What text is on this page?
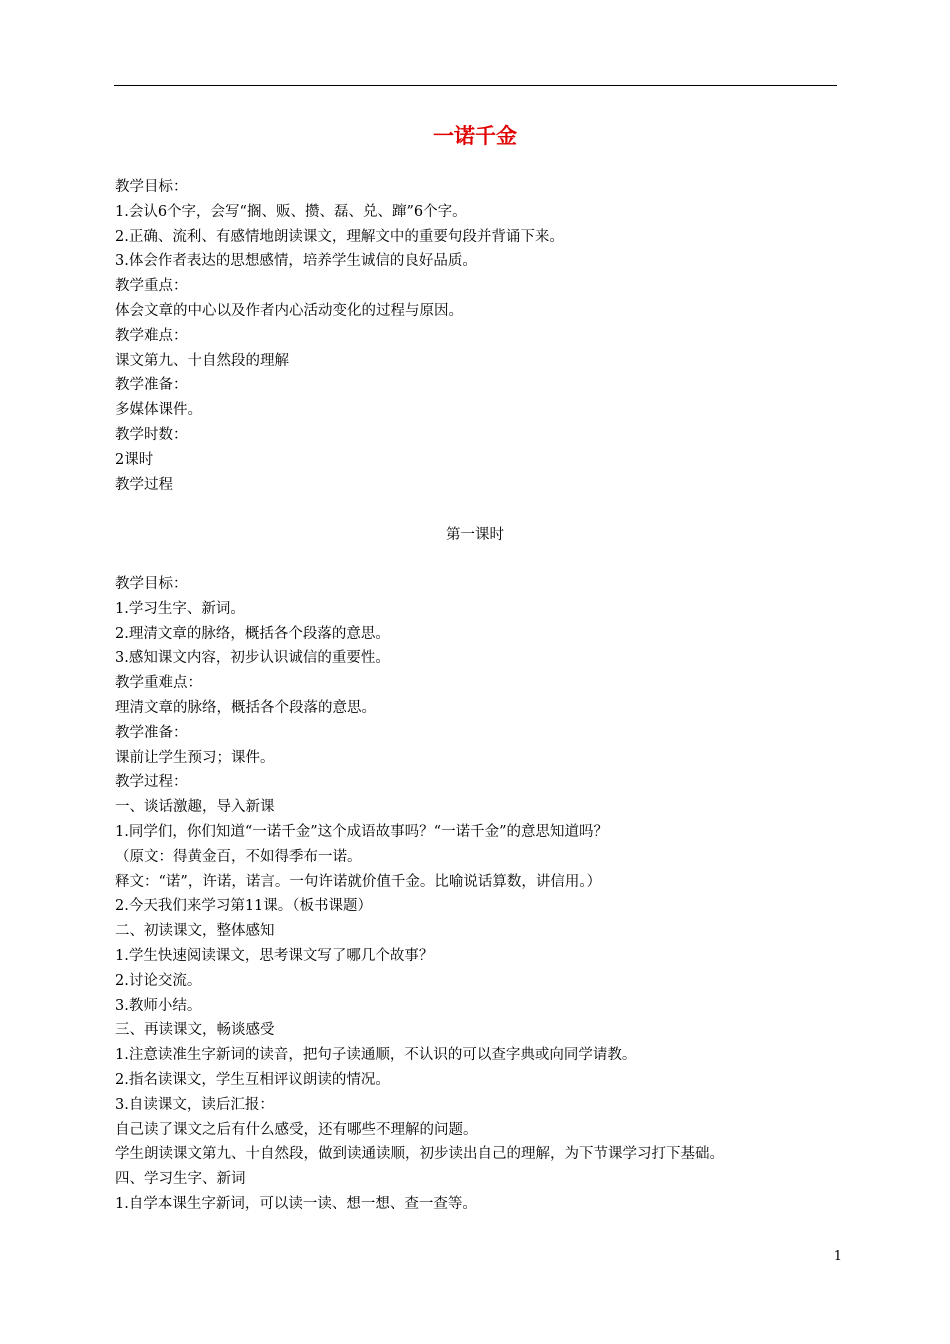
一诺千金
教学目标：
1.会认6个字，会写“搁、贩、攒、磊、兑、蹿”6个字。
2.正确、流利、有感情地朗读课文，理解文中的重要句段并背诵下来。
3.体会作者表达的思想感情，培养学生诚信的良好品质。
教学重点：
体会文章的中心以及作者内心活动变化的过程与原因。
教学难点：
课文第九、十自然段的理解
教学准备：
多媒体课件。
教学时数：
2课时
教学过程
第一课时
教学目标：
1.学习生字、新词。
2.理清文章的脉络，概括各个段落的意思。
3.感知课文内容，初步认识诚信的重要性。
教学重难点：
理清文章的脉络，概括各个段落的意思。
教学准备：
课前让学生预习；课件。
教学过程：
一、谈话激趣，导入新课
1.同学们，你们知道“一诺千金”这个成语故事吗？“一诺千金”的意思知道吗？
（原文：得黄金百，不如得季布一诺。
释文：“诺”，许诺，诺言。一句许诺就价值千金。比喻说话算数，讲信用。）
2.今天我们来学习第11课。（板书课题）
二、初读课文，整体感知
1.学生快速阅读课文，思考课文写了哪几个故事？
2.讨论交流。
3.教师小结。
三、再读课文，畅谈感受
1.注意读准生字新词的读音，把句子读通顺，不认识的可以查字典或向同学请教。
2.指名读课文，学生互相评议朗读的情况。
3.自读课文，读后汇报：
自己读了课文之后有什么感受，还有哪些不理解的问题。
学生朗读课文第九、十自然段，做到读通读顺，初步读出自己的理解，为下节课学习打下基础。
四、学习生字、新词
1.自学本课生字新词，可以读一读、想一想、查一查等。
1
